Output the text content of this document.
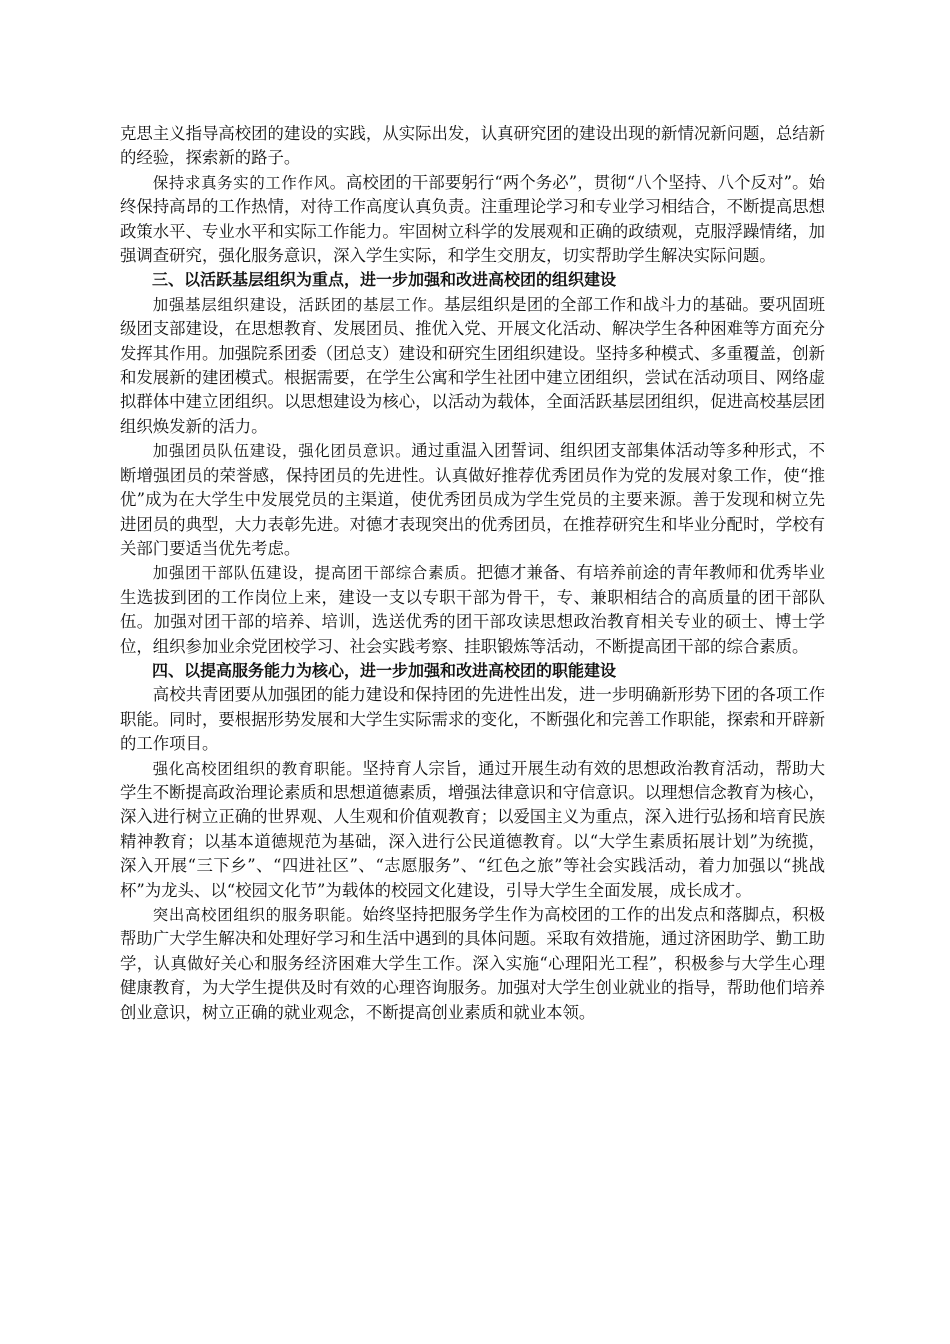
克思主义指导高校团的建设的实践，从实际出发，认真研究团的建设出现的新情况新问题，总结新的经验，探索新的路子。

保持求真务实的工作作风。高校团的干部要躬行“两个务必”，贯彻“八个坚持、八个反对”。始终保持高昂的工作热情，对待工作高度认真负责。注重理论学习和专业学习相结合，不断提高思想政策水平、专业水平和实际工作能力。牢固树立科学的发展观和正确的政绩观，克服浮躁情绪，加强调查研究，强化服务意识，深入学生实际，和学生交朋友，切实帮助学生解决实际问题。

三、以活跃基层组织为重点，进一步加强和改进高校团的组织建设

加强基层组织建设，活跃团的基层工作。基层组织是团的全部工作和战斗力的基础。要巩固班级团支部建设，在思想教育、发展团员、推优入党、开展文化活动、解决学生各种困难等方面充分发挥其作用。加强院系团委（团总支）建设和研究生团组织建设。坚持多种模式、多重覆盖，创新和发展新的建团模式。根据需要，在学生公寓和学生社团中建立团组织，尝试在活动项目、网络虚拟群体中建立团组织。以思想建设为核心，以活动为载体，全面活跃基层团组织，促进高校基层团组织焕发新的活力。

加强团员队伍建设，强化团员意识。通过重温入团誓词、组织团支部集体活动等多种形式，不断增强团员的荣誉感，保持团员的先进性。认真做好推荐优秀团员作为党的发展对象工作，使“推优”成为在大学生中发展党员的主渠道，使优秀团员成为学生党员的主要来源。善于发现和树立先进团员的典型，大力表彰先进。对德才表现突出的优秀团员，在推荐研究生和毕业分配时，学校有关部门要适当优先考虑。

加强团干部队伍建设，提高团干部综合素质。把德才兼备、有培养前途的青年教师和优秀毕业生选拔到团的工作岗位上来，建设一支以专职干部为骨干，专、兼职相结合的高质量的团干部队伍。加强对团干部的培养、培训，选送优秀的团干部攻读思想政治教育相关专业的硕士、博士学位，组织参加业余党团校学习、社会实践考察、挂职锻炼等活动，不断提高团干部的综合素质。

四、以提高服务能力为核心，进一步加强和改进高校团的职能建设

高校共青团要从加强团的能力建设和保持团的先进性出发，进一步明确新形势下团的各项工作职能。同时，要根据形势发展和大学生实际需求的变化，不断强化和完善工作职能，探索和开辟新的工作项目。

强化高校团组织的教育职能。坚持育人宗旨，通过开展生动有效的思想政治教育活动，帮助大学生不断提高政治理论素质和思想道德素质，增强法律意识和守信意识。以理想信念教育为核心，深入进行树立正确的世界观、人生观和价值观教育；以爱国主义为重点，深入进行弘扬和培育民族精神教育；以基本道德规范为基础，深入进行公民道德教育。以“大学生素质拓展计划”为统揽，深入开展“三下乡”、“四进社区”、“志愿服务”、“红色之旅”等社会实践活动，着力加强以“挑战杯”为龙头、以“校园文化节”为载体的校园文化建设，引导大学生全面发展，成长成才。

突出高校团组织的服务职能。始终坚持把服务学生作为高校团的工作的出发点和落脚点，积极帮助广大学生解决和处理好学习和生活中遇到的具体问题。采取有效措施，通过济困助学、勤工助学，认真做好关心和服务经济困难大学生工作。深入实施“心理阳光工程”，积极参与大学生心理健康教育，为大学生提供及时有效的心理咨询服务。加强对大学生创业就业的指导，帮助他们培养创业意识，树立正确的就业观念，不断提高创业素质和就业本领。
